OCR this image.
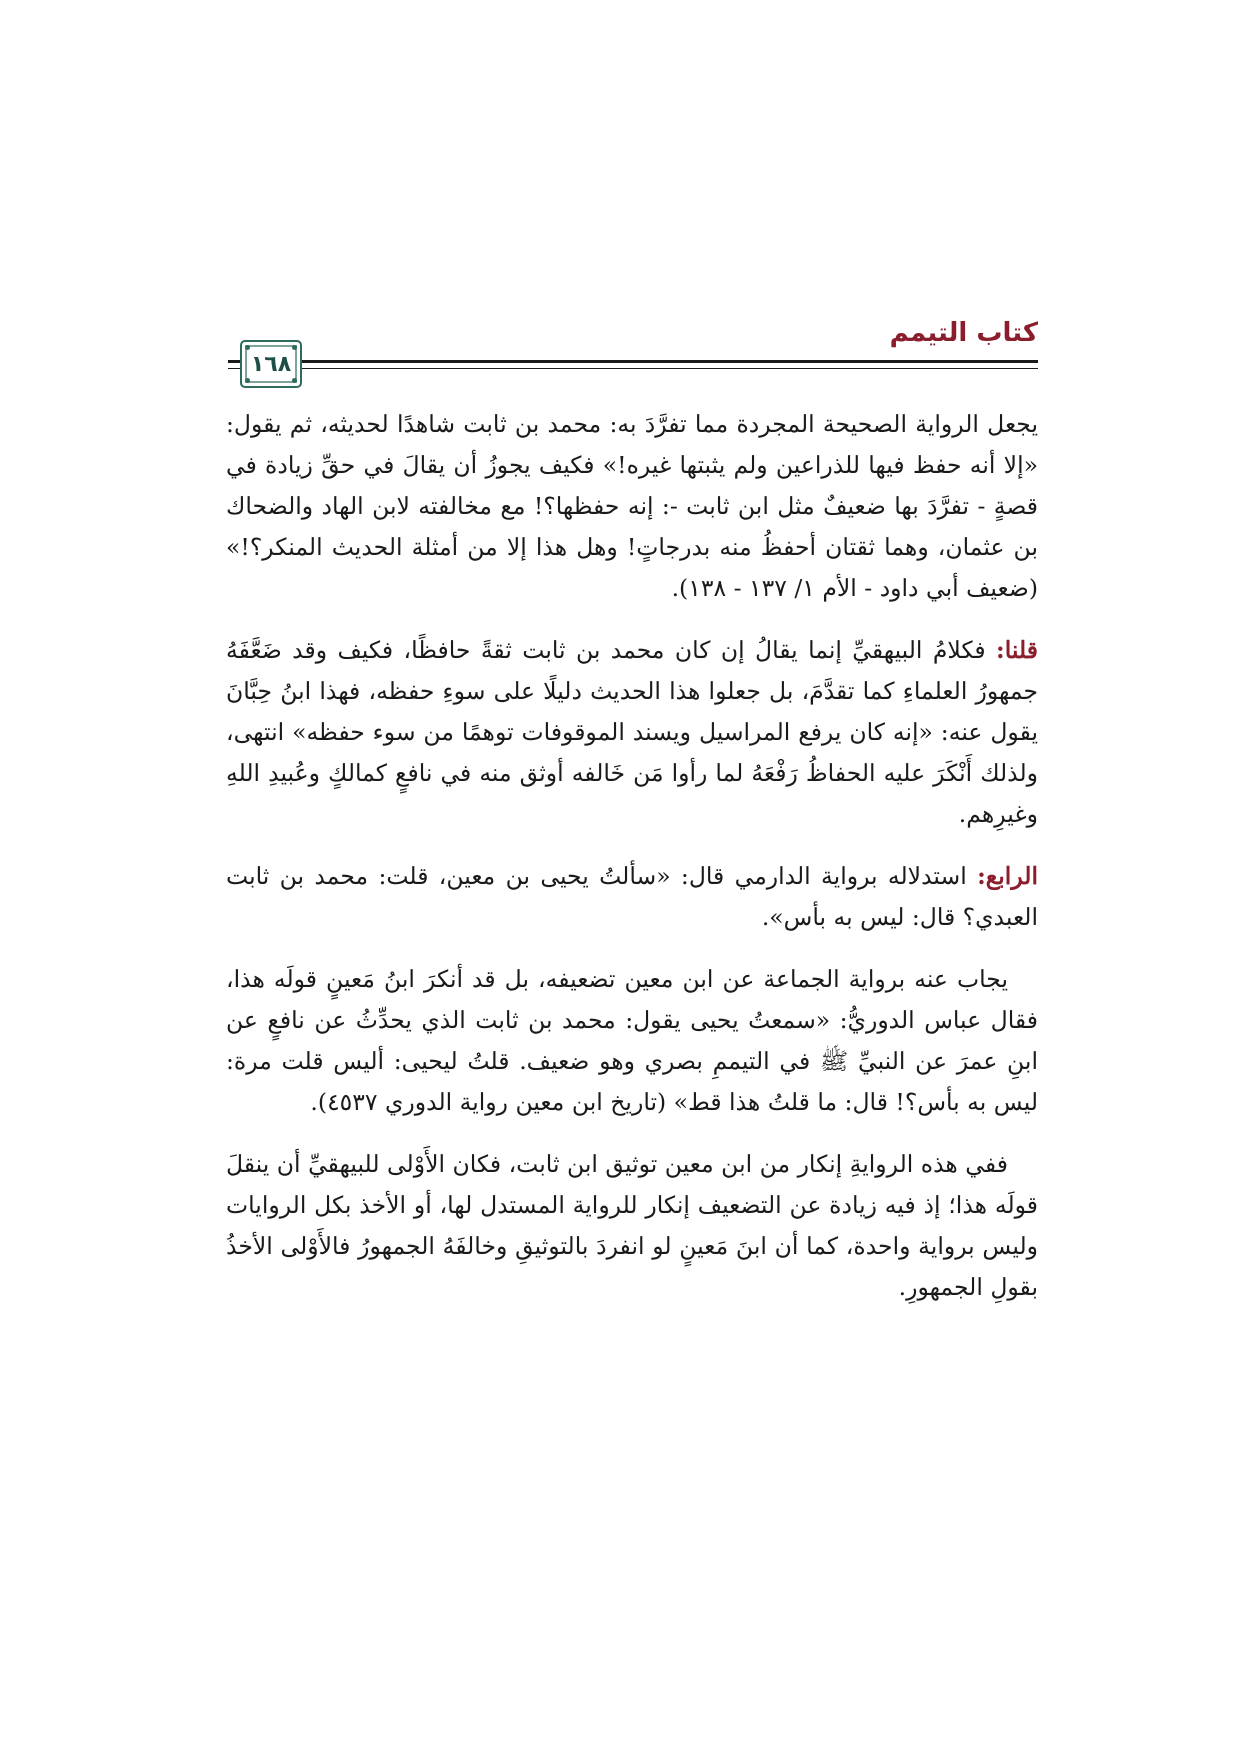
كتاب التيمم
١٦٨

يجعل الرواية الصحيحة المجردة مما تفرَّدَ به: محمد بن ثابت شاهدًا لحديثه، ثم يقول: «إلا أنه حفظ فيها للذراعين ولم يثبتها غيره!» فكيف يجوزُ أن يقالَ في حقِّ زيادة في قصةٍ - تفرَّدَ بها ضعيفٌ مثل ابن ثابت -: إنه حفظها؟! مع مخالفته لابن الهاد والضحاك بن عثمان، وهما ثقتان أحفظُ منه بدرجاتٍ! وهل هذا إلا من أمثلة الحديث المنكر؟!» (ضعيف أبي داود - الأم ١/ ١٣٧ - ١٣٨).

قلنا: فكلامُ البيهقيِّ إنما يقالُ إن كان محمد بن ثابت ثقةً حافظًا، فكيف وقد ضَعَّفَهُ جمهورُ العلماءِ كما تقدَّمَ، بل جعلوا هذا الحديث دليلًا على سوءِ حفظه، فهذا ابنُ حِبَّانَ يقول عنه: «إنه كان يرفع المراسيل ويسند الموقوفات توهمًا من سوء حفظه» انتهى، ولذلك أَنْكَرَ عليه الحفاظُ رَفْعَهُ لما رأوا مَن خَالفه أوثق منه في نافعٍ كمالكٍ وعُبيدِ اللهِ وغيرِهم.

الرابع: استدلاله برواية الدارمي قال: «سألتُ يحيى بن معين، قلت: محمد بن ثابت العبدي؟ قال: ليس به بأس».

يجاب عنه برواية الجماعة عن ابن معين تضعيفه، بل قد أنكرَ ابنُ مَعينٍ قولَه هذا، فقال عباس الدوريُّ: «سمعتُ يحيى يقول: محمد بن ثابت الذي يحدِّثُ عن نافعٍ عن ابنِ عمرَ عن النبيِّ ﷺ في التيممِ بصري وهو ضعيف. قلتُ ليحيى: أليس قلت مرة: ليس به بأس؟! قال: ما قلتُ هذا قط» (تاريخ ابن معين رواية الدوري ٤٥٣٧).

ففي هذه الروايةِ إنكار من ابن معين توثيق ابن ثابت، فكان الأَوْلى للبيهقيِّ أن ينقلَ قولَه هذا؛ إذ فيه زيادة عن التضعيف إنكار للرواية المستدل لها، أو الأخذ بكل الروايات وليس برواية واحدة، كما أن ابنَ مَعينٍ لو انفردَ بالتوثيقِ وخالفَهُ الجمهورُ فالأَوْلى الأخذُ بقولِ الجمهورِ.
